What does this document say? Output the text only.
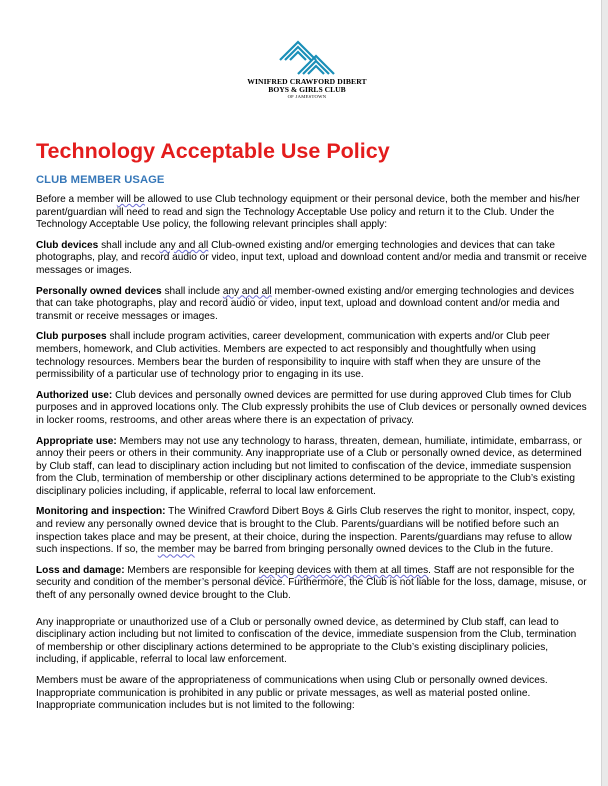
WINIFRED CRAWFORD DIBERT
BOYS & GIRLS CLUB
OF JAMESTOWN
Technology Acceptable Use Policy
CLUB MEMBER USAGE

Before a member will be allowed to use Club technology equipment or their personal device, both the member and his/her parent/guardian will need to read and sign the Technology Acceptable Use policy and return it to the Club. Under the Technology Acceptable Use policy, the following relevant principles shall apply:

Club devices shall include any and all Club-owned existing and/or emerging technologies and devices that can take photographs, play, and record audio or video, input text, upload and download content and/or media and transmit or receive messages or images.

Personally owned devices shall include any and all member-owned existing and/or emerging technologies and devices that can take photographs, play and record audio or video, input text, upload and download content and/or media and transmit or receive messages or images.

Club purposes shall include program activities, career development, communication with experts and/or Club peer members, homework, and Club activities. Members are expected to act responsibly and thoughtfully when using technology resources. Members bear the burden of responsibility to inquire with staff when they are unsure of the permissibility of a particular use of technology prior to engaging in its use.

Authorized use: Club devices and personally owned devices are permitted for use during approved Club times for Club purposes and in approved locations only. The Club expressly prohibits the use of Club devices or personally owned devices in locker rooms, restrooms, and other areas where there is an expectation of privacy.

Appropriate use: Members may not use any technology to harass, threaten, demean, humiliate, intimidate, embarrass, or annoy their peers or others in their community. Any inappropriate use of a Club or personally owned device, as determined by Club staff, can lead to disciplinary action including but not limited to confiscation of the device, immediate suspension from the Club, termination of membership or other disciplinary actions determined to be appropriate to the Club’s existing disciplinary policies including, if applicable, referral to local law enforcement.

Monitoring and inspection: The Winifred Crawford Dibert Boys & Girls Club reserves the right to monitor, inspect, copy, and review any personally owned device that is brought to the Club. Parents/guardians will be notified before such an inspection takes place and may be present, at their choice, during the inspection. Parents/guardians may refuse to allow such inspections. If so, the member may be barred from bringing personally owned devices to the Club in the future.

Loss and damage: Members are responsible for keeping devices with them at all times. Staff are not responsible for the security and condition of the member’s personal device. Furthermore, the Club is not liable for the loss, damage, misuse, or theft of any personally owned device brought to the Club.

Any inappropriate or unauthorized use of a Club or personally owned device, as determined by Club staff, can lead to disciplinary action including but not limited to confiscation of the device, immediate suspension from the Club, termination of membership or other disciplinary actions determined to be appropriate to the Club’s existing disciplinary policies, including, if applicable, referral to local law enforcement.

Members must be aware of the appropriateness of communications when using Club or personally owned devices. Inappropriate communication is prohibited in any public or private messages, as well as material posted online. Inappropriate communication includes but is not limited to the following:
